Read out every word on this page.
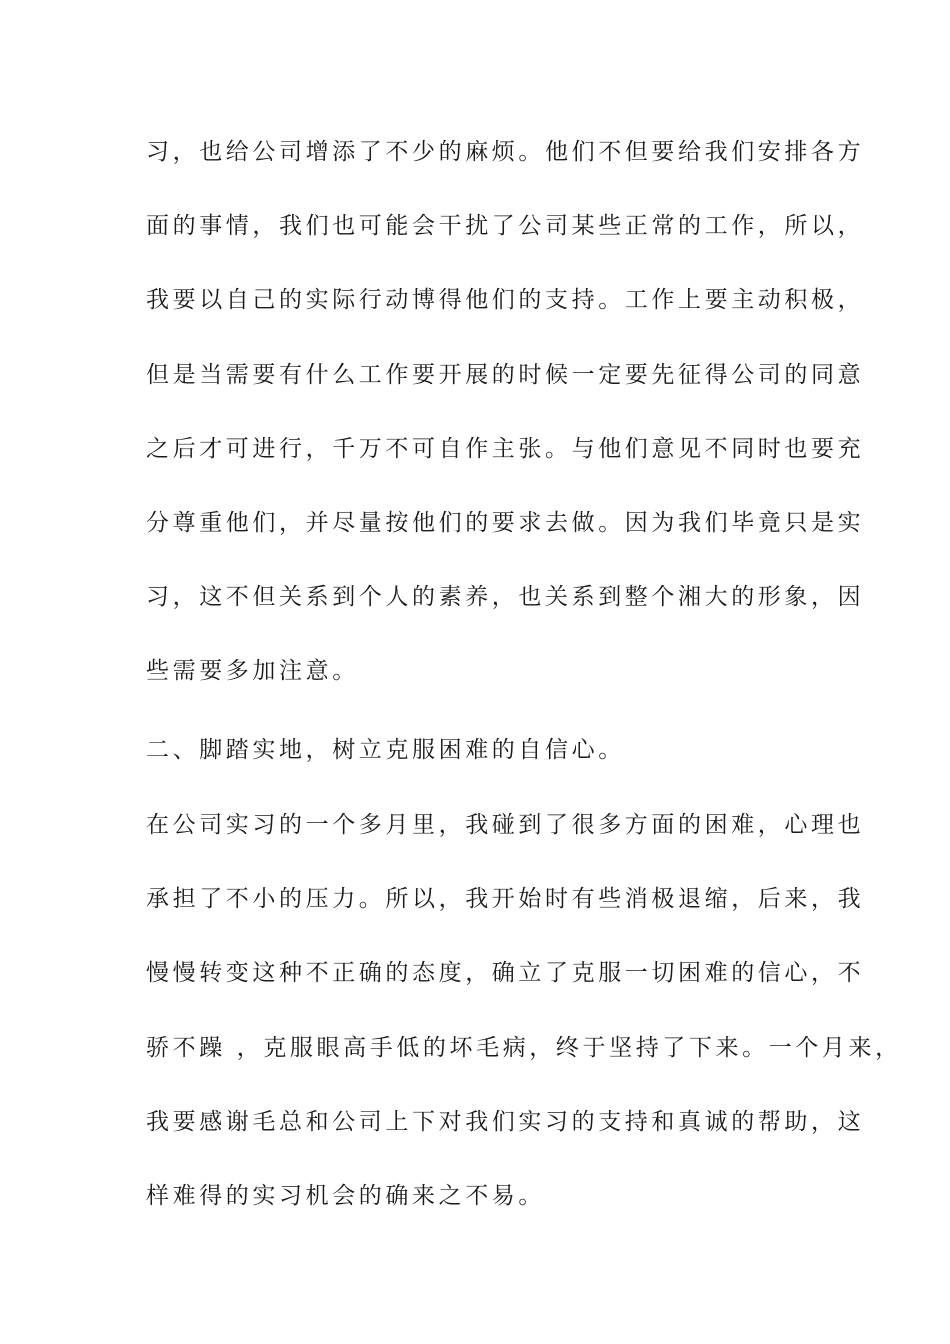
习，也给公司增添了不少的麻烦。他们不但要给我们安排各方
面的事情，我们也可能会干扰了公司某些正常的工作，所以，
我要以自己的实际行动博得他们的支持。工作上要主动积极，
但是当需要有什么工作要开展的时候一定要先征得公司的同意
之后才可进行，千万不可自作主张。与他们意见不同时也要充
分尊重他们，并尽量按他们的要求去做。因为我们毕竟只是实
习，这不但关系到个人的素养，也关系到整个湘大的形象，因
些需要多加注意。
二、脚踏实地，树立克服困难的自信心。
在公司实习的一个多月里，我碰到了很多方面的困难，心理也
承担了不小的压力。所以，我开始时有些消极退缩，后来，我
慢慢转变这种不正确的态度，确立了克服一切困难的信心，不
骄不躁 ，克服眼高手低的坏毛病，终于坚持了下来。一个月来，
我要感谢毛总和公司上下对我们实习的支持和真诚的帮助，这
样难得的实习机会的确来之不易。
